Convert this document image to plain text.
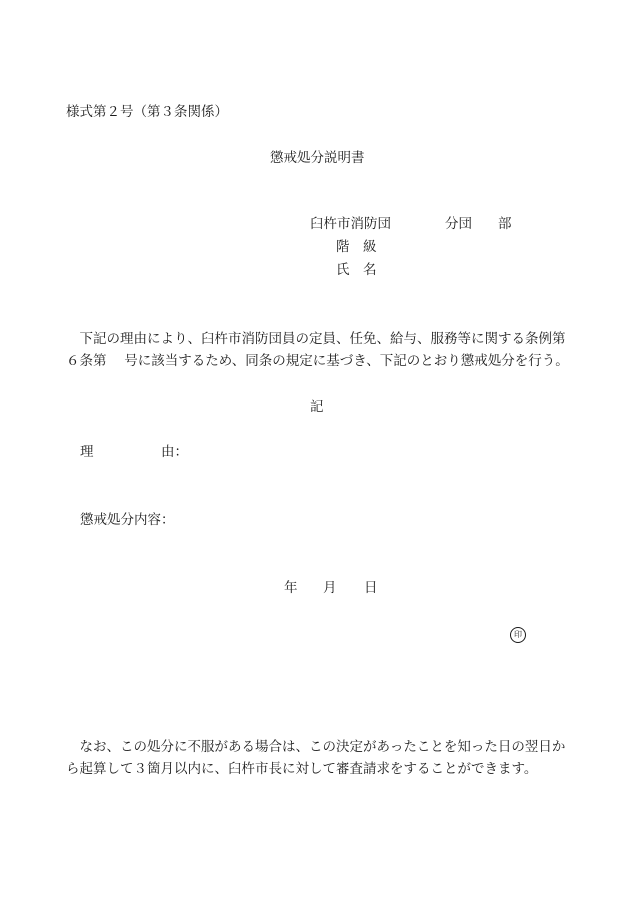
様式第２号（第３条関係）
懲戒処分説明書
臼杵市消防団	分団 部
階　級
氏　名
　下記の理由により、臼杵市消防団員の定員、任免、給与、服務等に関する条例第
６条第　 号に該当するため、同条の規定に基づき、下記のとおり懲戒処分を行う。
記
理　　　　　由：
懲戒処分内容：
年 月 日
印
　なお、この処分に不服がある場合は、この決定があったことを知った日の翌日か
ら起算して３箇月以内に、臼杵市長に対して審査請求をすることができます。
